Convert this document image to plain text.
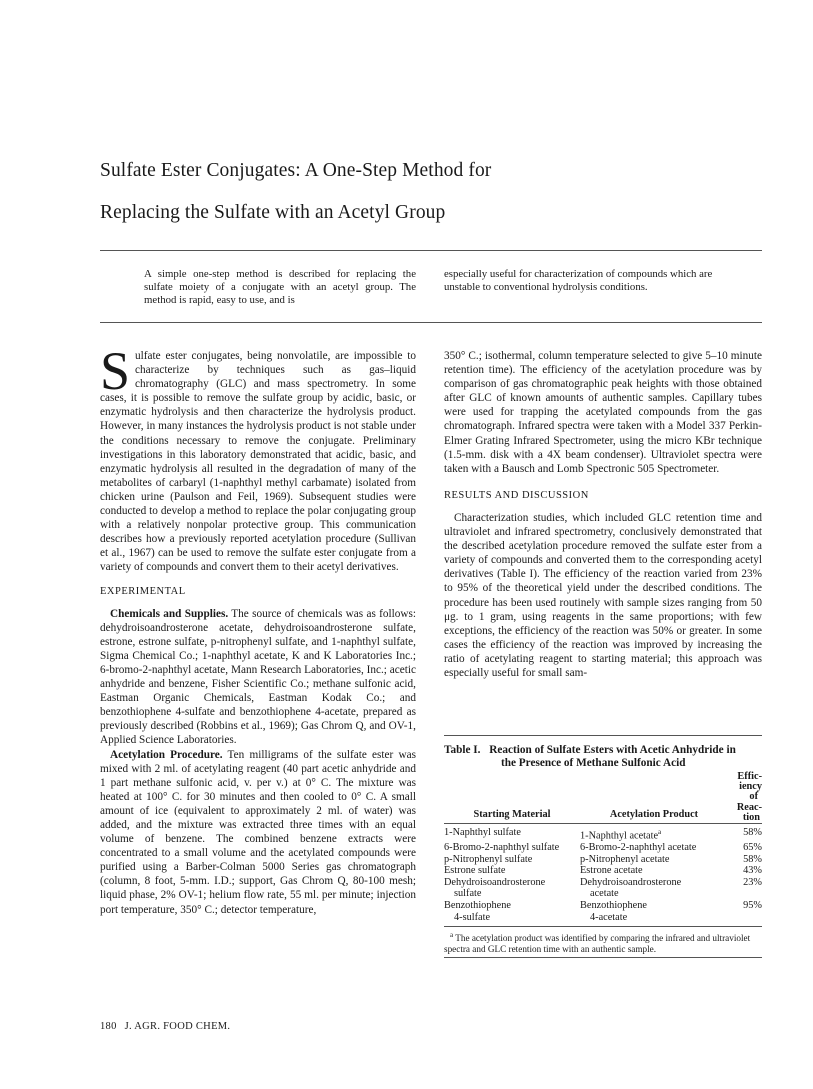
Sulfate Ester Conjugates: A One-Step Method for
Replacing the Sulfate with an Acetyl Group
A simple one-step method is described for replacing the sulfate moiety of a conjugate with an acetyl group. The method is rapid, easy to use, and is
especially useful for characterization of compounds which are unstable to conventional hydrolysis conditions.

Sulfate ester conjugates, being nonvolatile, are impossible to characterize by techniques such as gas–liquid chromatography (GLC) and mass spectrometry. In some cases, it is possible to remove the sulfate group by acidic, basic, or enzymatic hydrolysis and then characterize the hydrolysis product. However, in many instances the hydrolysis product is not stable under the conditions necessary to remove the conjugate. Preliminary investigations in this laboratory demonstrated that acidic, basic, and enzymatic hydrolysis all resulted in the degradation of many of the metabolites of carbaryl (1-naphthyl methyl carbamate) isolated from chicken urine (Paulson and Feil, 1969). Subsequent studies were conducted to develop a method to replace the polar conjugating group with a relatively nonpolar protective group. This communication describes how a previously reported acetylation procedure (Sullivan et al., 1967) can be used to remove the sulfate ester conjugate from a variety of compounds and convert them to their acetyl derivatives.

EXPERIMENTAL

Chemicals and Supplies. The source of chemicals was as follows: dehydroisoandrosterone acetate, dehydroisoandrosterone sulfate, estrone, estrone sulfate, p-nitrophenyl sulfate, and 1-naphthyl sulfate, Sigma Chemical Co.; 1-naphthyl acetate, K and K Laboratories Inc.; 6-bromo-2-naphthyl acetate, Mann Research Laboratories, Inc.; acetic anhydride and benzene, Fisher Scientific Co.; methane sulfonic acid, Eastman Organic Chemicals, Eastman Kodak Co.; and benzothiophene 4-sulfate and benzothiophene 4-acetate, prepared as previously described (Robbins et al., 1969); Gas Chrom Q, and OV-1, Applied Science Laboratories.

Acetylation Procedure. Ten milligrams of the sulfate ester was mixed with 2 ml. of acetylating reagent (40 part acetic anhydride and 1 part methane sulfonic acid, v. per v.) at 0° C. The mixture was heated at 100° C. for 30 minutes and then cooled to 0° C. A small amount of ice (equivalent to approximately 2 ml. of water) was added, and the mixture was extracted three times with an equal volume of benzene. The combined benzene extracts were concentrated to a small volume and the acetylated compounds were purified using a Barber-Colman 5000 Series gas chromatograph (column, 8 foot, 5-mm. I.D.; support, Gas Chrom Q, 80-100 mesh; liquid phase, 2% OV-1; helium flow rate, 55 ml. per minute; injection port temperature, 350° C.; detector temperature,

350° C.; isothermal, column temperature selected to give 5–10 minute retention time). The efficiency of the acetylation procedure was by comparison of gas chromatographic peak heights with those obtained after GLC of known amounts of authentic samples. Capillary tubes were used for trapping the acetylated compounds from the gas chromatograph. Infrared spectra were taken with a Model 337 Perkin-Elmer Grating Infrared Spectrometer, using the micro KBr technique (1.5-mm. disk with a 4X beam condenser). Ultraviolet spectra were taken with a Bausch and Lomb Spectronic 505 Spectrometer.

RESULTS AND DISCUSSION

Characterization studies, which included GLC retention time and ultraviolet and infrared spectrometry, conclusively demonstrated that the described acetylation procedure removed the sulfate ester from a variety of compounds and converted them to the corresponding acetyl derivatives (Table I). The efficiency of the reaction varied from 23% to 95% of the theoretical yield under the described conditions. The procedure has been used routinely with sample sizes ranging from 50 μg. to 1 gram, using reagents in the same proportions; with few exceptions, the efficiency of the reaction was 50% or greater. In some cases the efficiency of the reaction was improved by increasing the ratio of acetylating reagent to starting material; this approach was especially useful for small sam-

Table I. Reaction of Sulfate Esters with Acetic Anhydride in
the Presence of Methane Sulfonic Acid
Starting Material	Acetylation Product	Effic-
iency
of
Reac-
tion

1-Naphthyl sulfate	1-Naphthyl acetate$^a$	58%
6-Bromo-2-naphthyl sulfate	6-Bromo-2-naphthyl acetate	65%
p-Nitrophenyl sulfate	p-Nitrophenyl acetate	58%
Estrone sulfate	Estrone acetate	43%
Dehydroisoandrosterone
sulfate	Dehydroisoandrosterone
acetate	23%
Benzothiophene
4-sulfate	Benzothiophene
4-acetate	95%
$^a$ The acetylation product was identified by comparing the infrared and ultraviolet spectra and GLC retention time with an authentic sample.
180 J. AGR. FOOD CHEM.
